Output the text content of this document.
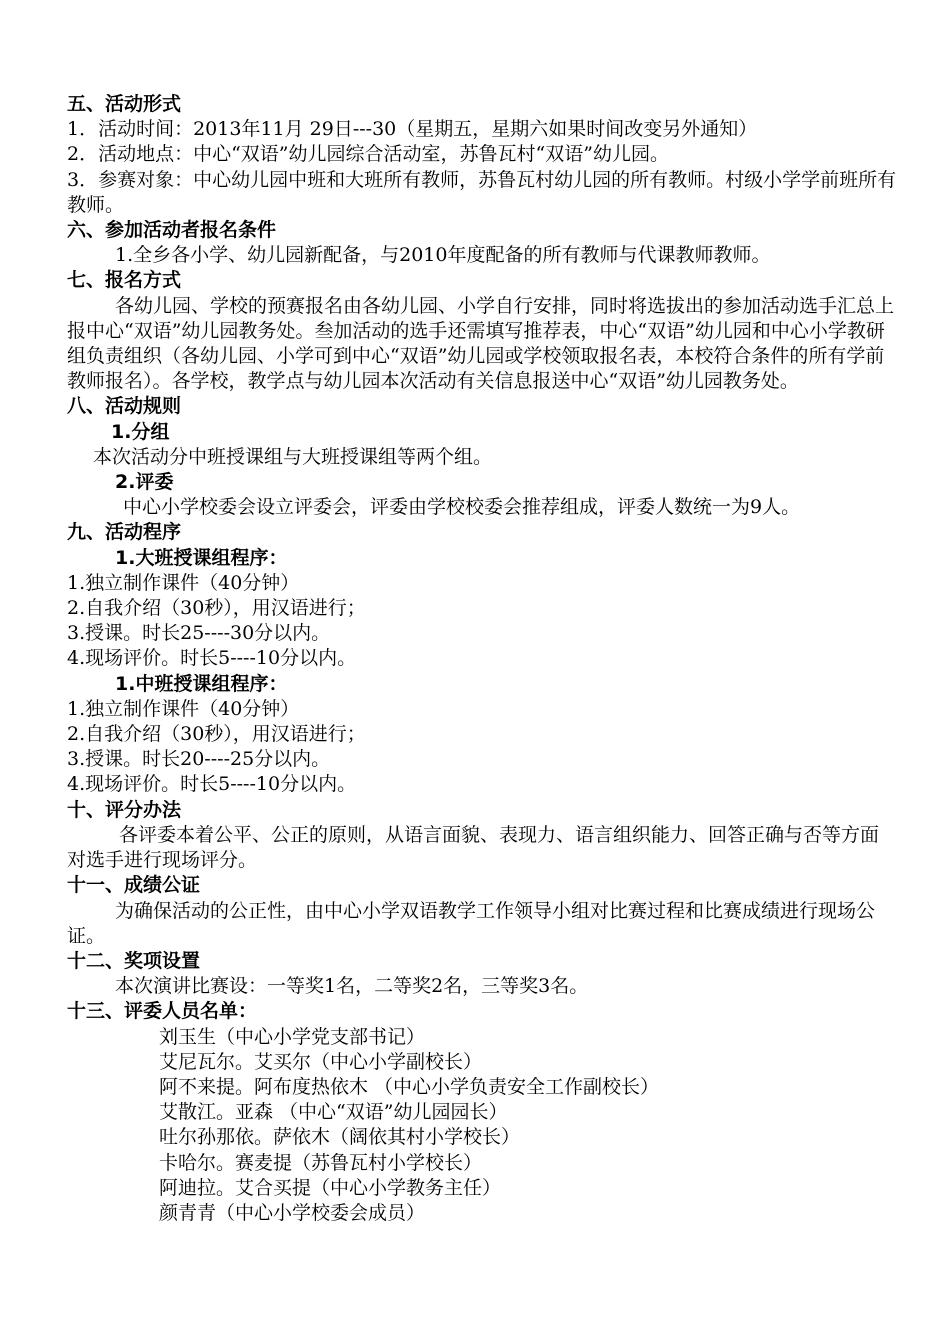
五、活动形式

1．活动时间：2013年11月 29日---30（星期五，星期六如果时间改变另外通知）

2．活动地点：中心“双语”幼儿园综合活动室，苏鲁瓦村“双语”幼儿园。

3．参赛对象：中心幼儿园中班和大班所有教师，苏鲁瓦村幼儿园的所有教师。村级小学学前班所有教师。

六、参加活动者报名条件

1.全乡各小学、幼儿园新配备，与2010年度配备的所有教师与代课教师教师。

七、报名方式

各幼儿园、学校的预赛报名由各幼儿园、小学自行安排，同时将选拔出的参加活动选手汇总上报中心“双语”幼儿园教务处。叁加活动的选手还需填写推荐表，中心“双语”幼儿园和中心小学教研组负责组织（各幼儿园、小学可到中心“双语”幼儿园或学校领取报名表，本校符合条件的所有学前教师报名）。各学校，教学点与幼儿园本次活动有关信息报送中心“双语”幼儿园教务处。

八、活动规则

1.分组

本次活动分中班授课组与大班授课组等两个组。

2.评委

中心小学校委会设立评委会，评委由学校校委会推荐组成，评委人数统一为9人。

九、活动程序

1.大班授课组程序：

1.独立制作课件（40分钟）

2.自我介绍（30秒），用汉语进行；

3.授课。时长25----30分以内。

4.现场评价。时长5----10分以内。

1.中班授课组程序：

1.独立制作课件（40分钟）

2.自我介绍（30秒），用汉语进行；

3.授课。时长20----25分以内。

4.现场评价。时长5----10分以内。

十、评分办法

各评委本着公平、公正的原则，从语言面貌、表现力、语言组织能力、回答正确与否等方面对选手进行现场评分。

十一、成绩公证

为确保活动的公正性，由中心小学双语教学工作领导小组对比赛过程和比赛成绩进行现场公证。

十二、奖项设置

本次演讲比赛设：一等奖1名，二等奖2名，三等奖3名。

十三、评委人员名单：

刘玉生（中心小学党支部书记）

艾尼瓦尔。艾买尔（中心小学副校长）

阿不来提。阿布度热依木 （中心小学负责安全工作副校长）

艾散江。亚森 （中心“双语”幼儿园园长）

吐尔孙那依。萨依木（阔依其村小学校长）

卡哈尔。赛麦提（苏鲁瓦村小学校长）

阿迪拉。艾合买提（中心小学教务主任）

颜青青（中心小学校委会成员）
